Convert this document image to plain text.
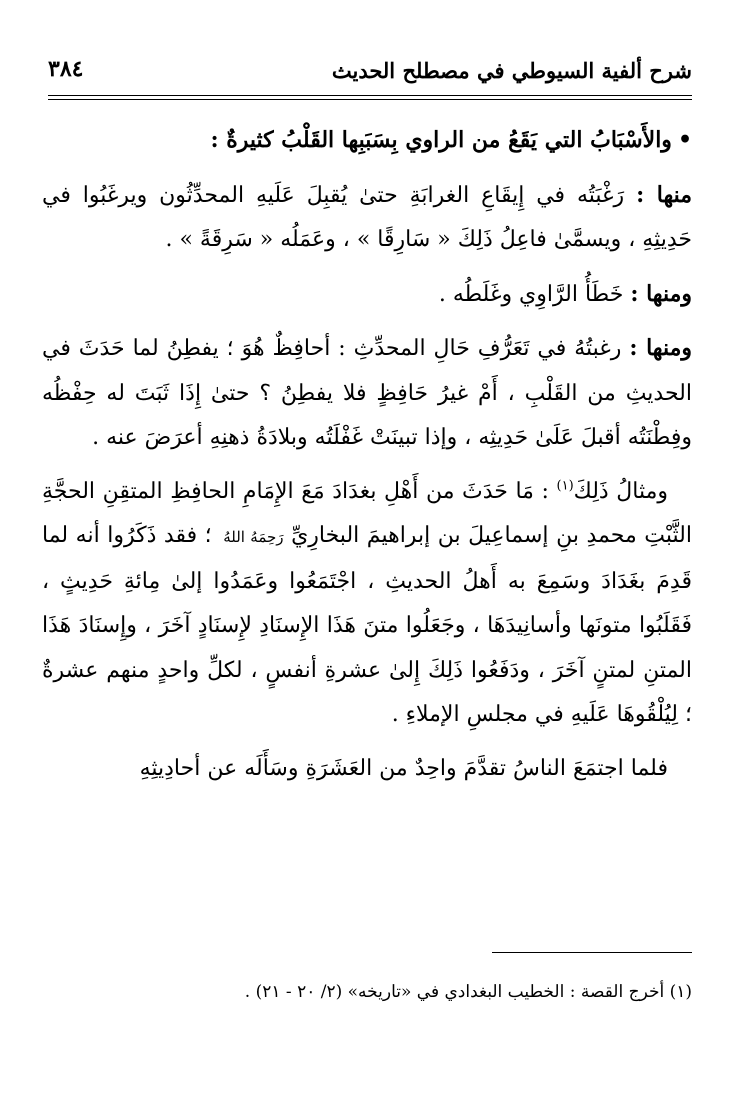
شرح ألفية السيوطي في مصطلح الحديث
٣٨٤

•والأَسْبَابُ التي يَقَعُ من الراوي بِسَبَبِها القَلْبُ كثيرةٌ :

منها : رَغْبَتُه في إِيقَاعِ الغرابَةِ حتىٰ يُقبِلَ عَلَيهِ المحدِّثُون ويرغَبُوا في حَدِيثِهِ ، ويسمَّىٰ فاعِلُ ذَلِكَ « سَارِقًا » ، وعَمَلُه « سَرِقَةً » .

ومنها : خَطَأُ الرَّاوِي وغَلَطُه .

ومنها : رغبتُهُ في تَعَرُّفِ حَالِ المحدِّثِ : أحافِظٌ هُوَ ؛ يفطِنُ لما حَدَثَ في الحديثِ من القَلْبِ ، أَمْ غيرُ حَافِظٍ فلا يفطِنُ ؟ حتىٰ إِذَا ثَبَتَ له حِفْظُه وفِطْنَتُه أقبلَ عَلَىٰ حَدِيثِه ، وإذا تبينَتْ غَفْلَتُه وبلادَةُ ذهنِهِ أعرَضَ عنه .

ومثالُ ذَلِكَ$^{(١)}$ : مَا حَدَثَ من أَهْلِ بغدَادَ مَعَ الإِمَامِ الحافِظِ المتقِنِ الحجَّةِ الثَّبْتِ محمدِ بنِ إسماعِيلَ بن إبراهيمَ البخارِيِّ رَحِمَهُ اللهُ ؛ فقد ذَكَرُوا أنه لما قَدِمَ بغَدَادَ وسَمِعَ به أَهلُ الحديثِ ، اجْتَمَعُوا وعَمَدُوا إلىٰ مِائةِ حَدِيثٍ ، فَقَلَبُوا متونَها وأسانِيدَهَا ، وجَعَلُوا متنَ هَذَا الإِسنَادِ لإِسنَادٍ آخَرَ ، وإِسنَادَ هَذَا المتنِ لمتنٍ آخَرَ ، ودَفَعُوا ذَلِكَ إِلىٰ عشرةِ أنفسٍ ، لكلِّ واحدٍ منهم عشرةٌ ؛ لِيُلْقُوهَا عَلَيهِ في مجلسِ الإملاءِ .

فلما اجتمَعَ الناسُ تقدَّمَ واحِدٌ من العَشَرَةِ وسَأَلَه عن أحادِيثِهِ

(١) أخرج القصة : الخطيب البغدادي في «تاريخه» (٢/ ٢٠ - ٢١) .
